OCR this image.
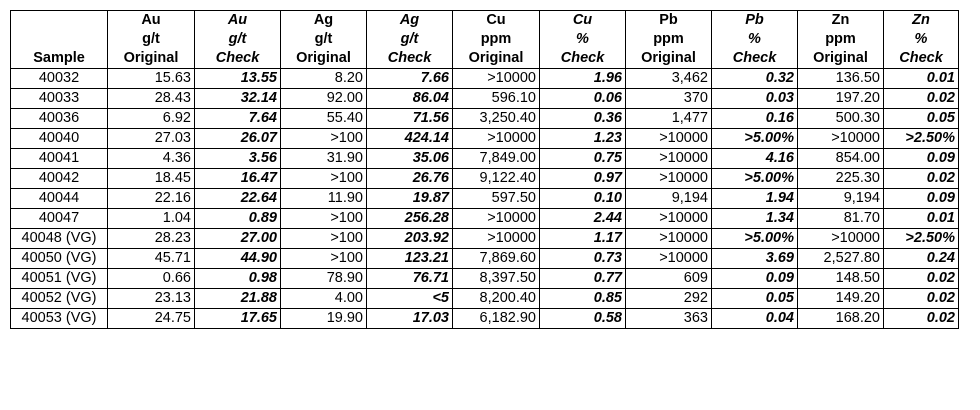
	Au	Au	Ag	Ag	Cu	Cu	Pb	Pb	Zn	Zn
	g/t	g/t	g/t	g/t	ppm	%	ppm	%	ppm	%
Sample	Original	Check	Original	Check	Original	Check	Original	Check	Original	Check
40032	15.63	13.55	8.20	7.66	>10000	1.96	3,462	0.32	136.50	0.01
40033	28.43	32.14	92.00	86.04	596.10	0.06	370	0.03	197.20	0.02
40036	6.92	7.64	55.40	71.56	3,250.40	0.36	1,477	0.16	500.30	0.05
40040	27.03	26.07	>100	424.14	>10000	1.23	>10000	>5.00%	>10000	>2.50%
40041	4.36	3.56	31.90	35.06	7,849.00	0.75	>10000	4.16	854.00	0.09
40042	18.45	16.47	>100	26.76	9,122.40	0.97	>10000	>5.00%	225.30	0.02
40044	22.16	22.64	11.90	19.87	597.50	0.10	9,194	1.94	9,194	0.09
40047	1.04	0.89	>100	256.28	>10000	2.44	>10000	1.34	81.70	0.01
40048 (VG)	28.23	27.00	>100	203.92	>10000	1.17	>10000	>5.00%	>10000	>2.50%
40050 (VG)	45.71	44.90	>100	123.21	7,869.60	0.73	>10000	3.69	2,527.80	0.24
40051 (VG)	0.66	0.98	78.90	76.71	8,397.50	0.77	609	0.09	148.50	0.02
40052 (VG)	23.13	21.88	4.00	<5	8,200.40	0.85	292	0.05	149.20	0.02
40053 (VG)	24.75	17.65	19.90	17.03	6,182.90	0.58	363	0.04	168.20	0.02
